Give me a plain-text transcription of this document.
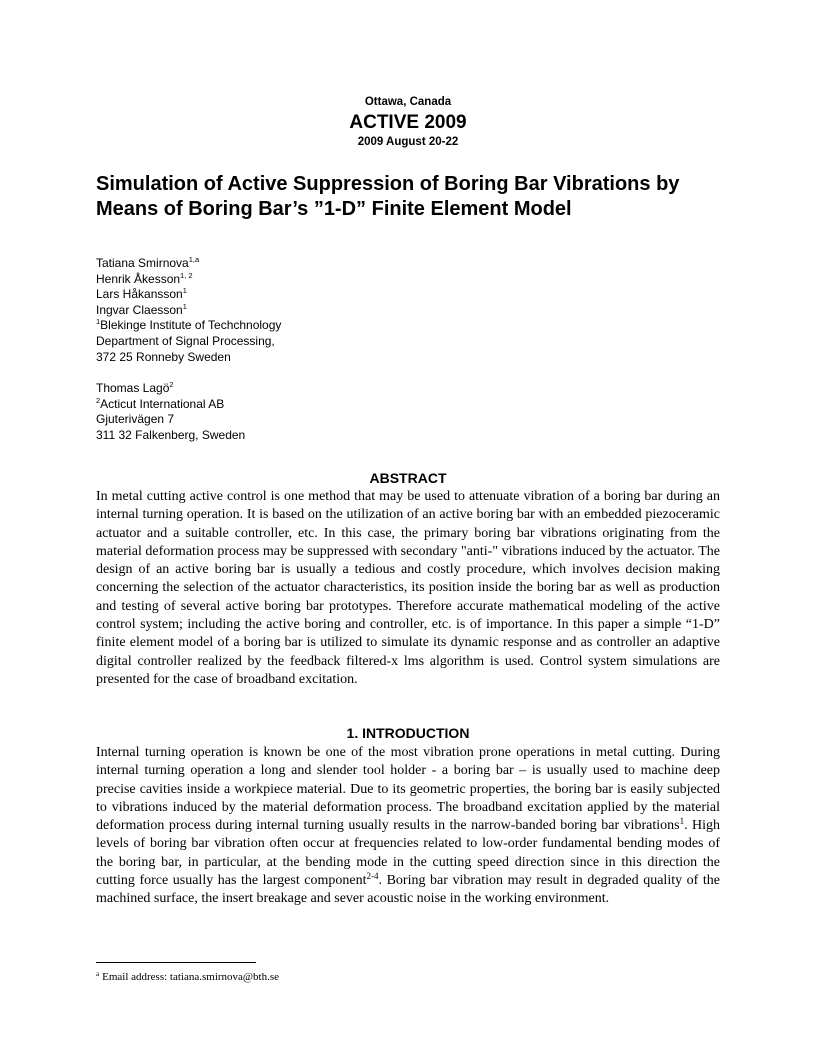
Ottawa, Canada
ACTIVE 2009
2009 August 20-22
Simulation of Active Suppression of Boring Bar Vibrations by Means of Boring Bar’s ”1-D” Finite Element Model
Tatiana Smirnova$^{1,a}$
Henrik Åkesson$^{1, 2}$
Lars Håkansson$^1$
Ingvar Claesson$^1$
$^1$Blekinge Institute of Techchnology
Department of Signal Processing,
372 25 Ronneby Sweden
Thomas Lagö$^2$
$^2$Acticut International AB
Gjuterivägen 7
311 32 Falkenberg, Sweden
ABSTRACT

In metal cutting active control is one method that may be used to attenuate vibration of a boring bar during an internal turning operation. It is based on the utilization of an active boring bar with an embedded piezoceramic actuator and a suitable controller, etc. In this case, the primary boring bar vibrations originating from the material deformation process may be suppressed with secondary "anti-" vibrations induced by the actuator. The design of an active boring bar is usually a tedious and costly procedure, which involves decision making concerning the selection of the actuator characteristics, its position inside the boring bar as well as production and testing of several active boring bar prototypes. Therefore accurate mathematical modeling of the active control system; including the active boring and controller, etc. is of importance. In this paper a simple “1-D” finite element model of a boring bar is utilized to simulate its dynamic response and as controller an adaptive digital controller realized by the feedback filtered-x lms algorithm is used. Control system simulations are presented for the case of broadband excitation.

1. INTRODUCTION

Internal turning operation is known be one of the most vibration prone operations in metal cutting. During internal turning operation a long and slender tool holder - a boring bar – is usually used to machine deep precise cavities inside a workpiece material. Due to its geometric properties, the boring bar is easily subjected to vibrations induced by the material deformation process. The broadband excitation applied by the material deformation process during internal turning usually results in the narrow-banded boring bar vibrations$^1$. High levels of boring bar vibration often occur at frequencies related to low-order fundamental bending modes of the boring bar, in particular, at the bending mode in the cutting speed direction since in this direction the cutting force usually has the largest component$^{2-4}$. Boring bar vibration may result in degraded quality of the machined surface, the insert breakage and sever acoustic noise in the working environment.

$^a$ Email address: tatiana.smirnova@bth.se
